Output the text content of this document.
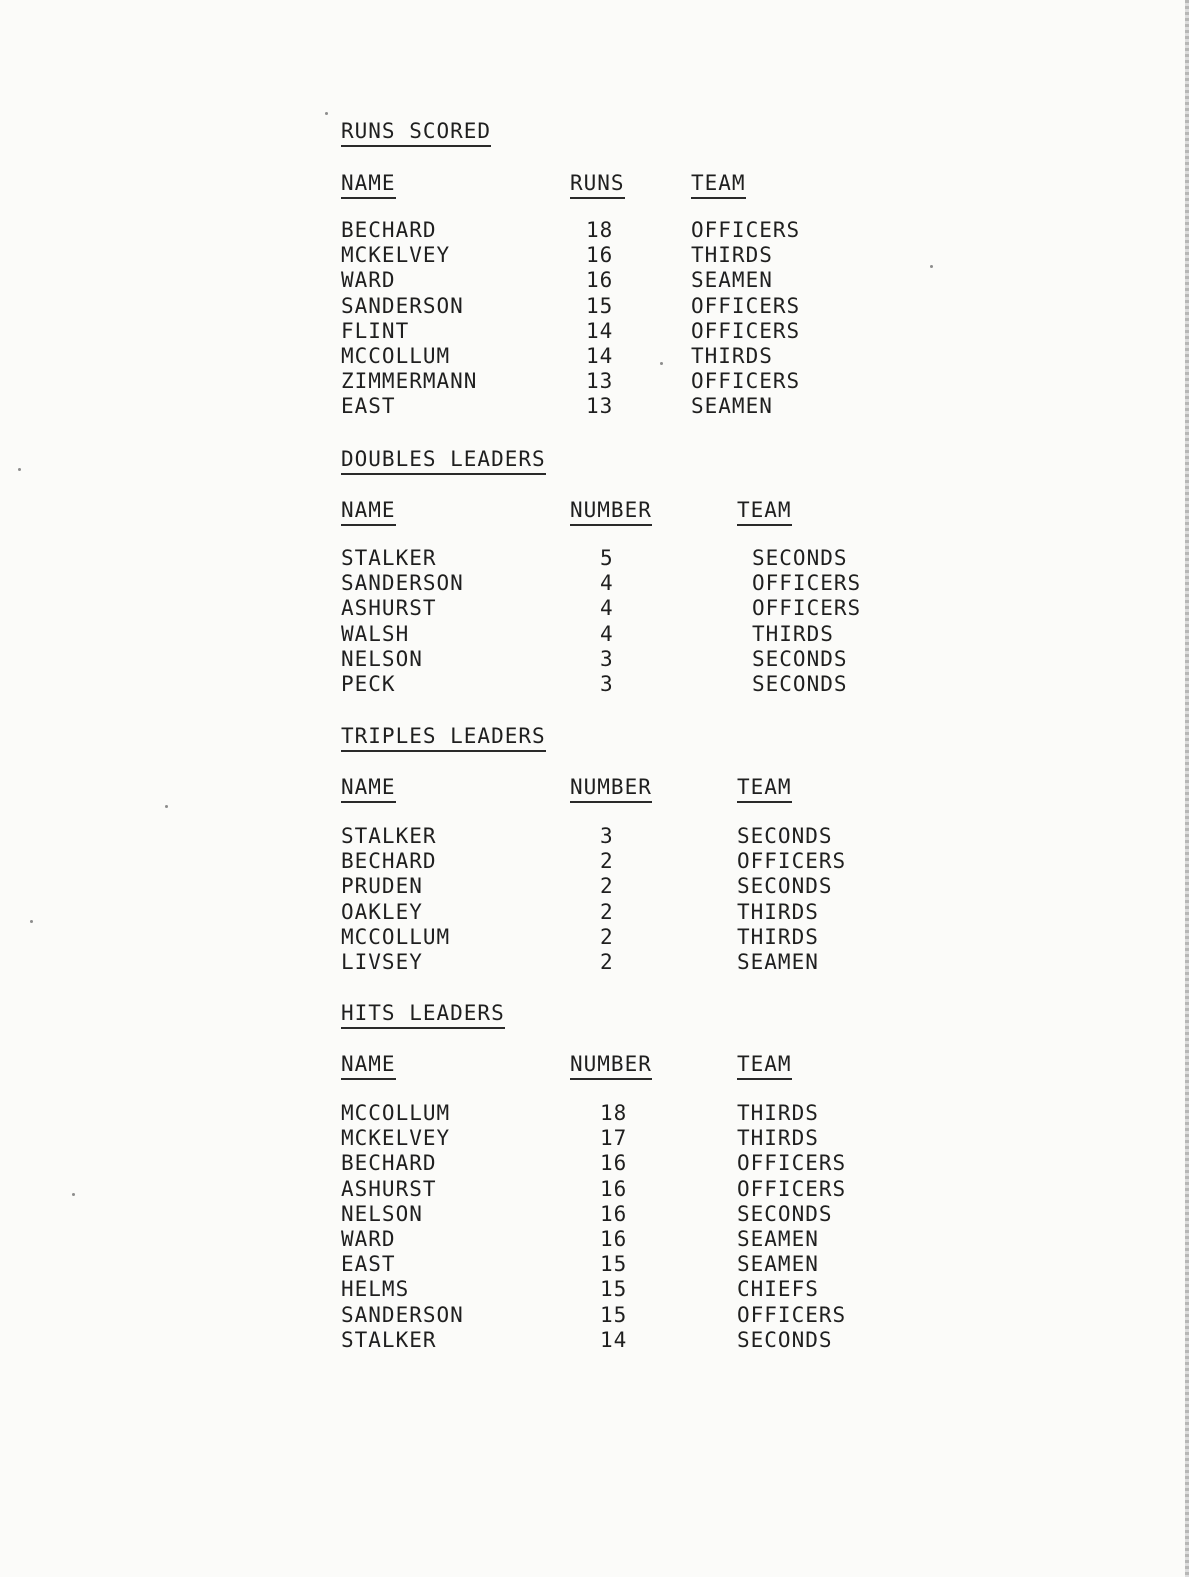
RUNS SCORED
NAME	RUNS	TEAM
BECHARD	18	OFFICERS
MCKELVEY	16	THIRDS
WARD	16	SEAMEN
SANDERSON	15	OFFICERS
FLINT	14	OFFICERS
MCCOLLUM	14	THIRDS
ZIMMERMANN	13	OFFICERS
EAST	13	SEAMEN
DOUBLES LEADERS
NAME	NUMBER	TEAM
STALKER	5	SECONDS
SANDERSON	4	OFFICERS
ASHURST	4	OFFICERS
WALSH	4	THIRDS
NELSON	3	SECONDS
PECK	3	SECONDS
TRIPLES LEADERS
NAME	NUMBER	TEAM
STALKER	3	SECONDS
BECHARD	2	OFFICERS
PRUDEN	2	SECONDS
OAKLEY	2	THIRDS
MCCOLLUM	2	THIRDS
LIVSEY	2	SEAMEN
HITS LEADERS
NAME	NUMBER	TEAM
MCCOLLUM	18	THIRDS
MCKELVEY	17	THIRDS
BECHARD	16	OFFICERS
ASHURST	16	OFFICERS
NELSON	16	SECONDS
WARD	16	SEAMEN
EAST	15	SEAMEN
HELMS	15	CHIEFS
SANDERSON	15	OFFICERS
STALKER	14	SECONDS
